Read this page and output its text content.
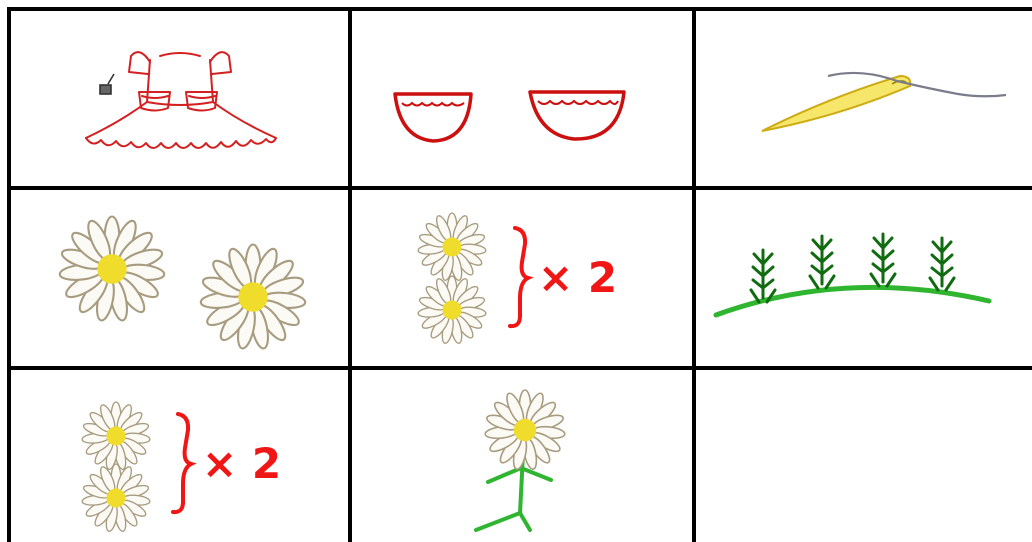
× 2
× 2
